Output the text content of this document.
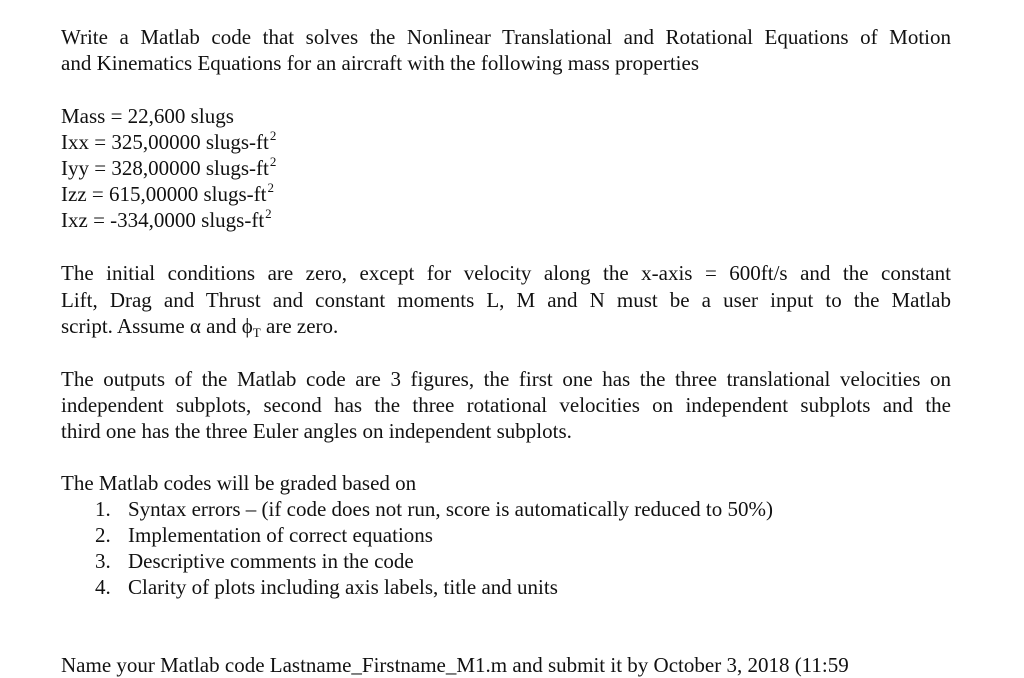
Write a Matlab code that solves the Nonlinear Translational and Rotational Equations of Motion
and Kinematics Equations for an aircraft with the following mass properties
Mass = 22,600 slugs
Ixx = 325,00000 slugs-$ft^2$
Iyy = 328,00000 slugs-$ft^2$
Izz = 615,00000 slugs-$ft^2$
Ixz = -334,0000 slugs-$ft^2$
The initial conditions are zero, except for velocity along the x-axis = 600ft/s and the constant
Lift, Drag and Thrust and constant moments L, M and N must be a user input to the Matlab
script. Assume α and $\phi_T$ are zero.
The outputs of the Matlab code are 3 figures, the first one has the three translational velocities on
independent subplots, second has the three rotational velocities on independent subplots and the
third one has the three Euler angles on independent subplots.
The Matlab codes will be graded based on
1. Syntax errors – (if code does not run, score is automatically reduced to 50%)
2. Implementation of correct equations
3. Descriptive comments in the code
4. Clarity of plots including axis labels, title and units
Name your Matlab code Lastname_Firstname_M1.m and submit it by October 3, 2018 (11:59
